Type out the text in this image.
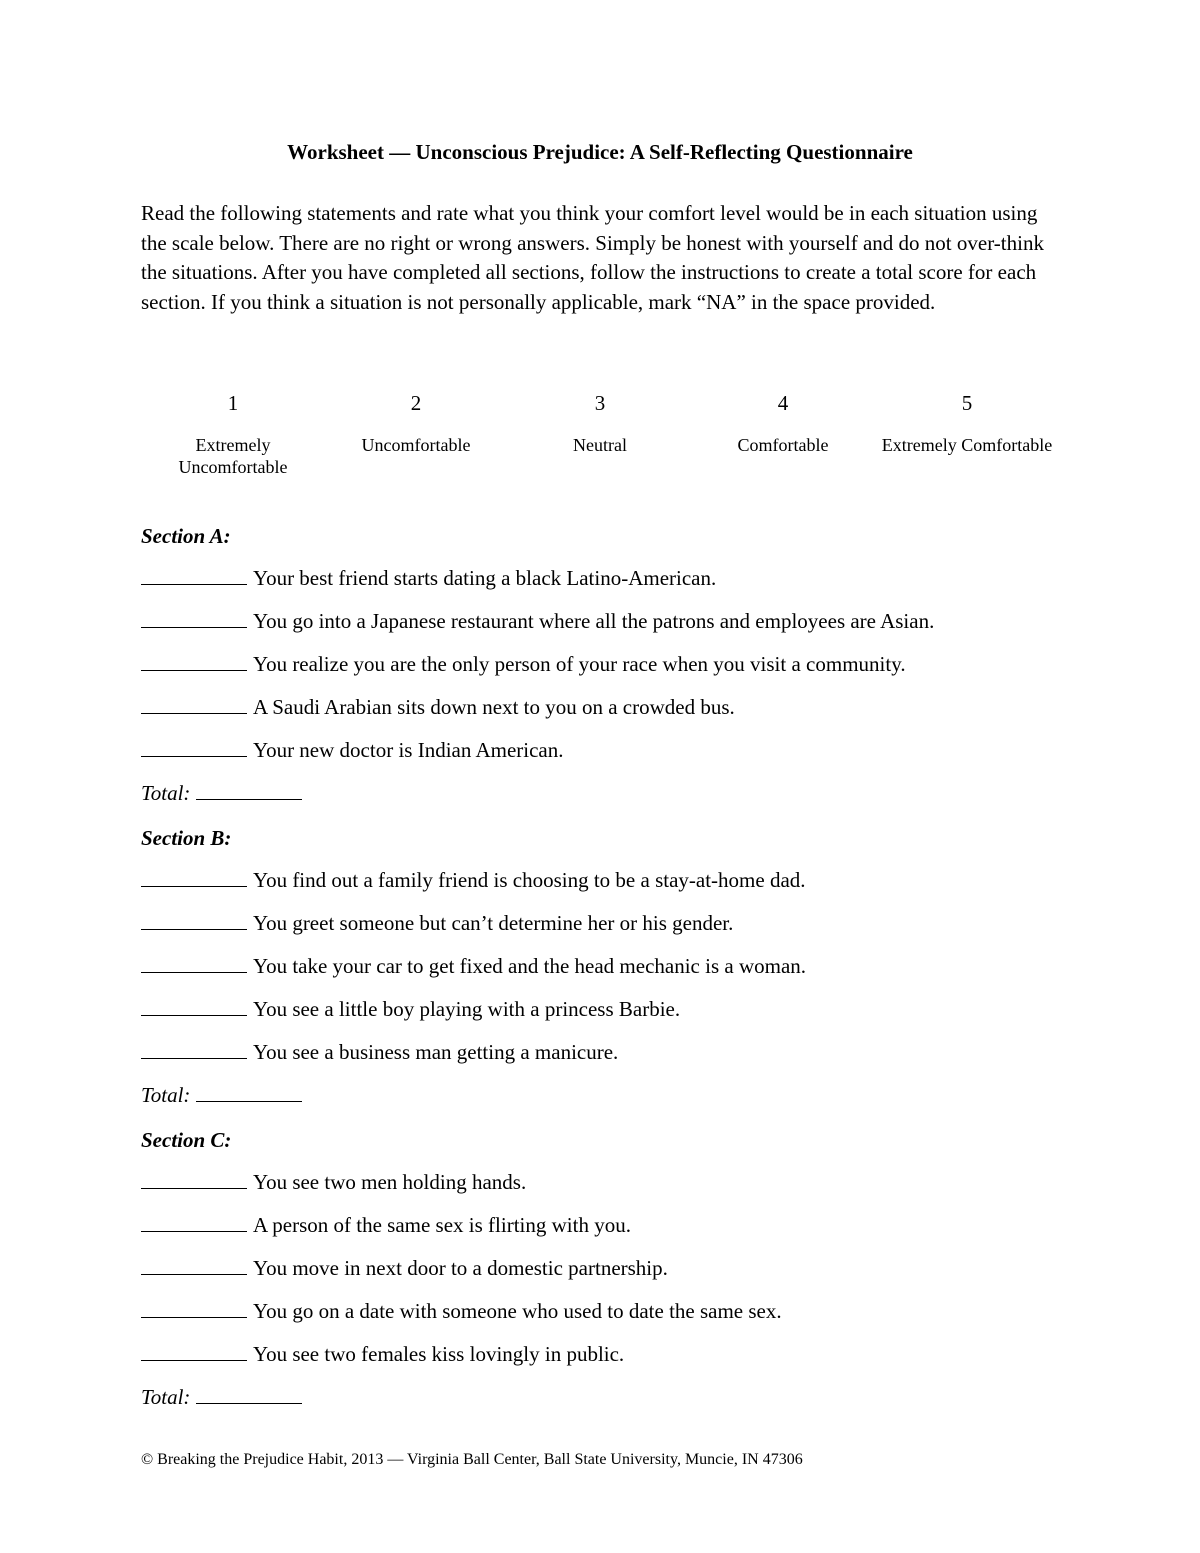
Worksheet — Unconscious Prejudice: A Self-Reflecting Questionnaire
Read the following statements and rate what you think your comfort level would be in each situation using the scale below. There are no right or wrong answers. Simply be honest with yourself and do not over-think the situations. After you have completed all sections, follow the instructions to create a total score for each section. If you think a situation is not personally applicable, mark “NA” in the space provided.
1
Extremely Uncomfortable
2
Uncomfortable
3
Neutral
4
Comfortable
5
Extremely Comfortable
Section A:
Your best friend starts dating a black Latino-American.
You go into a Japanese restaurant where all the patrons and employees are Asian.
You realize you are the only person of your race when you visit a community.
A Saudi Arabian sits down next to you on a crowded bus.
Your new doctor is Indian American.
Total:
Section B:
You find out a family friend is choosing to be a stay-at-home dad.
You greet someone but can’t determine her or his gender.
You take your car to get fixed and the head mechanic is a woman.
You see a little boy playing with a princess Barbie.
You see a business man getting a manicure.
Total:
Section C:
You see two men holding hands.
A person of the same sex is flirting with you.
You move in next door to a domestic partnership.
You go on a date with someone who used to date the same sex.
You see two females kiss lovingly in public.
Total:
© Breaking the Prejudice Habit, 2013 — Virginia Ball Center, Ball State University, Muncie, IN 47306
